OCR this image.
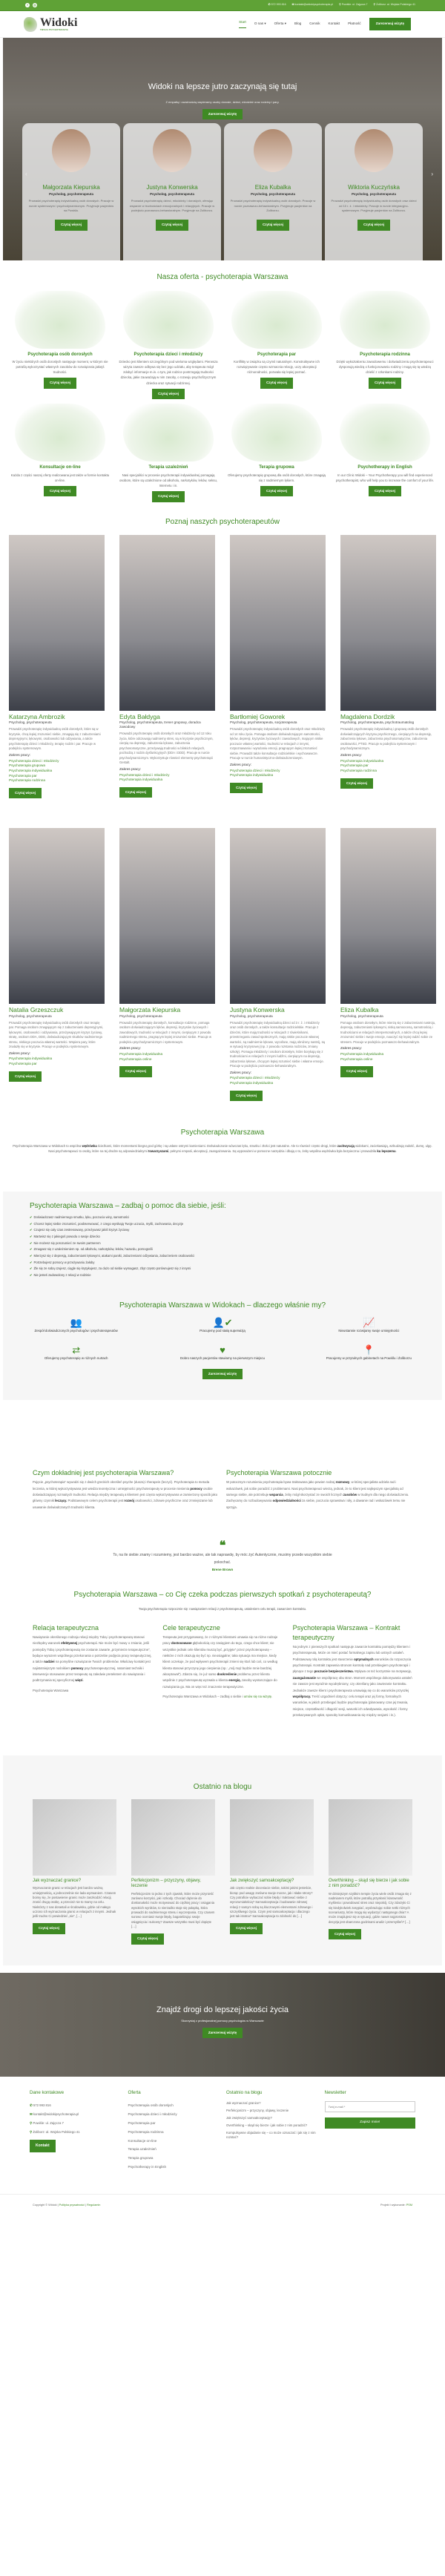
f	◎	✆572 993 816 ✉kontakt@widokipsychoterapia.pl ⚲Powiśle: ul. Zajęcza 7 ⚲Żoliborz: al. Wojska Polskiego 41
Widoki
TWOJA PSYCHOTERAPIA
Start O nas ▾ Oferta ▾ Blog Cennik Kontakt Płatność	Zarezerwuj wizytę
Widoki na lepsze jutro zaczynają się tutaj
Z empatią i uważnością wspieramy osoby dorosłe, dzieci, młodzież oraz rodziny i pary.
Zarezerwuj wizytę
›
Małgorzata Kiepurska
Psycholog, psychoterapeuta

Prowadzi psychoterapię indywidualną osób dorosłych. Pracuje w nurcie systemowym i psychodynamicznym. Przyjmuje pacjentów na Powiślu.

Czytaj więcej
Justyna Konwerska
Psycholog, psychoterapeuta

Prowadzi psychoterapię dzieci, młodzieży i dorosłych, oferując wsparcie w trudnościach emocjonalnych i relacyjnych. Pracuje w podejściu poznawczo-behawioralnym. Przyjmuje na Żoliborzu.

Czytaj więcej
Eliza Kubalka
Psycholog, psychoterapeuta

Prowadzi psychoterapię indywidualną osób dorosłych. Pracuje w nurcie poznawczo-behawioralnym. Przyjmuje pacjentów na Żoliborzu.

Czytaj więcej
Wiktoria Kuczyńska
Psycholog, psychoterapeuta

Prowadzi psychoterapię indywidualną osób dorosłych oraz dzieci od 10 r. ż. i młodzieży. Pracuje w nurcie integracyjno-systemowym. Przyjmuje pacjentów na Żoliborzu.

Czytaj więcej
Nasza oferta - psychoterapia Warszawa
Psychoterapia osób dorosłych

W życiu niektórych osób dorosłych następuje moment, w którym nie potrafią wykorzystać własnych zasobów do rozwiązania jakiejś trudności.

Czytaj więcej
Psychoterapia dzieci i młodzieży

Dziecko jest klientem szczególnym pod wieloma względami. Pierwsza wizyta zawsze odbywa się bez jego udziału, aby terapeuta mógł zdobyć informacje m.in. o tym, jak rodzice postrzegają trudności dziecka, jakie zauważają w nim zasoby, o rozwoju psychofizycznym dziecka oraz sytuacji rodzinnej.

Czytaj więcej
Psychoterapia par

Konflikty w związku są czymś naturalnym. Konstruktywne ich rozwiązywanie często wzmacnia relację, uczy akceptacji różnorodności, pozwala się lepiej poznać.

Czytaj więcej
Psychoterapia rodzinna

Dzięki wykształceniu zawodowemu i doświadczeniu psychoterapeuci dysponują wiedzą o funkcjonowaniu rodziny i mogą się tą wiedzą dzielić z członkami rodziny.

Czytaj więcej
Konsultacje on-line

Każda z części naszej oferty realizowana jest także w formie kontaktu on-line.

Czytaj więcej
Terapia uzależnień

Nasi specjaliści w procesie psychoterapii indywidualnej pomagają osobom, które są uzależnione od alkoholu, narkotyków, leków, seksu, Internetu i in.

Czytaj więcej
Terapia grupowa

Oferujemy psychoterapię grupową dla osób dorosłych, które zmagają się z nadmiernym lękiem.

Czytaj więcej
Psychotherapy in English

In our Clinic Widoki – Your Psychotherapy you will find experienced psychotherapist, who will help you to increase the comfort of your life.

Czytaj więcej
Poznaj naszych psychoterapeutów
Katarzyna Ambrozik
Psycholog, psychoterapeuta

Prowadzi psychoterapię indywidualną osób dorosłych, które są w kryzysie, chcą lepiej zrozumieć siebie, zmagają się z zaburzeniami depresyjnymi, lękowymi, osobowości lub odżywiania, a także psychoterapię dzieci i młodzieży, terapię rodzin i par. Pracuje w podejściu systemowym.

Zakres pracy:
Psychoterapia dzieci i młodzieży
Psychoterapia grupowa
Psychoterapia indywidualna
Psychoterapia par
Psychoterapia rodzinna
Czytaj więcej
Edyta Bałdyga
Psycholog, psychoterapeuta, trener grupowy, doradca zawodowy

Prowadzi psychoterapię osób dorosłych oraz młodzieży od 12 roku życia, które odczuwają nadmierny stres, są w kryzysie psychicznym, cierpią na depresję, zaburzenia lękowe, zaburzenia psychosomatyczne, przeżywają trudności w bliskich relacjach, pochodzą z rodzin dysfunkcyjnych (DDA i DDD). Pracuje w nurcie psychodynamicznym. Wykorzystuje również elementy psychoterapii Gestalt.

Zakres pracy:
Psychoterapia dzieci i młodzieży
Psychoterapia indywidualna
Czytaj więcej
Bartłomiej Goworek
Psycholog, psychoterapeuta, socjoterapeuta

Prowadzi psychoterapię indywidualną osób dorosłych oraz młodzieży od 14 roku życia. Pomaga osobom doświadczającym samotności, lęków, depresji, kryzysów życiowych i zawodowych, mającym niskie poczucie własnej wartości, trudności w relacjach z innymi, rozpoznawaniu i wyrażaniu emocji, pragnącym lepiej zrozumieć siebie. Prowadzi także konsultacje rodzicielskie i wychowawcze. Pracuje w nurcie humanistyczno-doświadczeniowym.

Zakres pracy:
Psychoterapia dzieci i młodzieży
Psychoterapia indywidualna
Czytaj więcej
Magdalena Dordzik
Psycholog, psychoterapeuta, psychotraumatolog

Prowadzi psychoterapię indywidualną i grupową osób dorosłych doświadczających kryzysu psychicznego, cierpiących na depresję, zaburzenia lękowe, zaburzenia psychosomatyczne, zaburzenia osobowości, PTSD. Pracuje w podejściu systemowym i psychodynamicznym.

Zakres pracy:
Psychoterapia indywidualna
Psychoterapia par
Psychoterapia rodzinna
Czytaj więcej
Natalia Grzeszczuk
Psycholog, psychoterapeuta

Prowadzi psychoterapię indywidualną osób dorosłych oraz terapię par. Pomaga osobom zmagającym się z zaburzeniami depresyjnymi, lękowymi, osobowości i odżywiania, przeżywającym kryzys życiowy, stratę, osobom DDA, DDD, doświadczającym skutków nadmiernego stresu, niskiego poczucia własnej wartości. Wspiera pary, które znalazły się w kryzysie. Pracuje w podejściu systemowym.

Zakres pracy:
Psychoterapia indywidualna
Psychoterapia par
Czytaj więcej
Małgorzata Kiepurska
Psycholog, psychoterapeuta

Prowadzi psychoterapię dorosłych, konsultacje rodzinne, pomaga osobom doświadczającym lęków, depresji, kryzysów życiowych i zawodowych, trudności w relacjach z innymi, cierpiącym z powodu nadmiernego stresu, pragnącym lepiej zrozumieć siebie. Pracuje w podejściu psychodynamicznym i systemowym.

Zakres pracy:
Psychoterapia indywidualna
Psychoterapia online
Czytaj więcej
Justyna Konwerska
Psycholog, psychoterapeuta

Prowadzi psychoterapię indywidualną dzieci od 3 r. ż. i młodzieży oraz osób dorosłych, a także konsultacje rodzicielskie. Pracuje z dziećmi, które mają trudności w relacjach z rówieśnikami, przestrzeganiu zasad społecznych, mają niskie poczucie własnej wartości, są nadmiernie lękowe, wycofane, mają obniżony nastrój, są w sytuacji kryzysowej (np. z powodu rozstania rodziców, zmiany szkoły). Pomaga młodzieży i osobom dorosłym, które borykają się z trudnościami w relacjach z innymi ludźmi, cierpiącym na depresję, zaburzenia lękowe, chcącym lepiej rozumieć siebie i własne emocje. Pracuje w podejściu poznawczo-behawioralnym.

Zakres pracy:
Psychoterapia dzieci i młodzieży
Psychoterapia indywidualna
Czytaj więcej
Eliza Kubalka
Psycholog, psychoterapeuta

Pomaga osobom dorosłym, które mierzą się z zaburzeniami nastroju, depresją, zaburzeniami lękowymi, niską samooceną, samotnością i trudnościami w relacjach interpersonalnych, a także chcą lepiej zrozumieć siebie i swoje emocje, nauczyć się lepiej radzić sobie ze stresem. Pracuje w podejściu poznawczo-behawioralnym.

Zakres pracy:
Psychoterapia indywidualna
Psychoterapia online
Czytaj więcej
Psychoterapia Warszawa

Psychoterapia Warszawa w Widokach to wspólna wędrówka ścieżkami, które momentami biegną pod górkę i są usłane ostrymi kamieniami. Doświadczanie wówczas lęku, smutku i złości jest naturalne. Ale to również często drogi, które zachwycają widokami, zaciekawiają, wzbudzają radość, dumę, ulgę. Nasi psychoterapeuci to osoby, które na tej drodze są odpowiedzialnymi towarzyszami, pełnymi empatii, akceptacji, zaangażowania. Są wyposażeni w pomocne narzędzia i dbają o to, żeby wspólna wędrówka była bezpieczna i prowadziła ku lepszemu.

Psychoterapia Warszawa – zadbaj o pomoc dla siebie, jeśli:
✔ Doświadczasz nadmiernego smutku, lęku, poczucia winy, samotności
✔ Chcesz lepiej siebie zrozumieć, poobserwować, z czego wynikają Twoje uczucia, myśli, zachowania, decyzje
✔ Czujesz się cały czas zestresowany, przeżywasz jakiś kryzys życiowy
✔ Martwisz się z jakiegoś powodu o swoje dziecko
✔ Nie możesz się porozumieć ze swoim partnerem
✔ Zmagasz się z uzależnieniem np. od alkoholu, narkotyków, leków, hazardu, pornografii
✔ Mierzysz się z depresją, zaburzeniami lękowymi, atakami paniki, zaburzeniami odżywiania, zaburzeniem osobowości
✔ Potrzebujesz pomocy w przeżywaniu żałoby
✔ Źle się ze sobą czujesz, ciągle się krytykujesz, za dużo od siebie wymagasz, zbyt często porównujesz się z innymi
✔ Nie jesteś zadowolony z relacji w rodzinie
Psychoterapia Warszawa w Widokach – dlaczego właśnie my?
👥
Zespół doświadczonych psychologów i psychoterapeutów
👤✔
Pracujemy pod stałą superwizją
📈
Nieustannie rozwijamy swoje umiejętności
⇄
Oferujemy psychoterapię w różnych nurtach
♥
Dobro naszych pacjentów stawiamy na pierwszym miejscu
📍
Pracujemy w przytulnych gabinetach na Powiślu i Żoliborzu
Zarezerwuj wizytę
Czym dokładniej jest psychoterapia Warszawa?

Pojęcie „psychoterapia” wywodzi się z dwóch greckich określeń psyche (dusza) i therapein (leczyć). Psychoterapia to metoda leczenia, w której wykorzystywana jest wiedza teoretyczna i umiejętności psychoterapeuty w procesie niesienia pomocy osobie doświadczającej rozmaitych trudności. Relacja między terapeutą a klientem jest często wykorzystywana w zamierzony sposób jako główny czynnik leczący. Podstawowym celem psychoterapii jest rozwój osobowości, zdrowie psychiczne oraz zmniejszanie lub usuwanie doświadczanych trudności klienta.

Psychoterapia Warszawa potocznie

W potocznym rozumieniu psychoterapia bywa traktowana jako pewien rodzaj rozmowy, w której specjalista udziela rad i wskazówek, jak sobie poradzić z problemami. Nasi psychoterapeuci wierzą, jednak, że to klient jest najlepszym specjalistą od samego siebie, ale potrzebuje wsparcia, żeby mógł skorzystać ze swoich licznych zasobów w trudnym dla niego doświadczeniu. Zachęcamy do rozbudowywania odpowiedzialności za siebie, poczucia sprawstwa i siły, a dawanie rad i wskazówek temu nie sprzyja.

❝

To, na ile siebie znamy i rozumiemy, jest bardzo ważne, ale tak naprawdę, by móc żyć Autentycznie, musimy przede wszystkim siebie pokochać.

Brene Brown
Psychoterapia Warszawa – co Cię czeka podczas pierwszych spotkań z psychoterapeutą?
Twoja psychoterapia rozpocznie się: nawiązaniem relacji z psychoterapeutą, ustaleniem celu terapii, zawarciem kontraktu.
Relacja terapeutyczna

Nawiązanie określonego rodzaju relacji między Tobą i psychoterapeutą stanowi niezbędny warunek efektywnej psychoterapii. Nie może być mowy o zmianie, jeśli pomiędzy Tobą i psychoterapeutą nie zostanie zawarte „przymierze terapeutyczne”, będące wyrazem wspólnego przekonania o potrzebie podjęcia pracy terapeutycznej, a także nadziei na pomyślne rozwiązanie Twoich problemów. Właściwy kontakt jest najistotniejszym nośnikiem pomocy psychoterapeutycznej, natomiast techniki i interwencje stosowane przez terapeutę są zaledwie pretekstem do nawiązania i podtrzymania tej specyficznej więzi.

Psychoterapia Warszawa

Cele terapeutyczne

Terapeuta jest przygotowany, że z różnymi klientami umawia się na różne rodzaje pracy dostosowane głębokością czy zasięgiem do tego, czego chce klient; nie wszystkie jednak cele klientów muszą być „przyjęte” przez psychoterapeutę – niektóre z nich okazują się być np. nieosiągalne; taka sytuacja ma miejsce, kiedy klient oczekuje, że pod wpływem psychoterapii zmieni się ktoś lub coś, co według klienta stanowi przyczynę jego cierpienia (np.: „mój mąż będzie mnie bardziej akceptował”). Zdarza się, że już samo dookreślenie problemu przez klienta wspólnie z psychoterapeutą wyzwala u klienta energię, zasoby wystarczające do rozwiązania go. Ma on więc też znaczenie terapeutyczne.

Psychoterapia Warszawa w Widokach – zadbaj o siebie i umów się na wizytę.

Psychoterapia Warszawa – Kontrakt terapeutyczny

Na jednym z pierwszych spotkań następuje zawarcie kontraktu pomiędzy klientem i psychoterapeutą. Może on mieć postać formalnego zapisu lub ustnych ustaleń. Podstawową rolą kontraktu jest stworzenie optymalnych warunków do rozpoczęcia psychoterapii. Kontrakt zapewnia stronom kontrolę nad przebiegiem psychoterapii i płynące z tego poczucie bezpieczeństwa. Wpływa on też korzystnie na motywację, zaangażowanie we współpracę obu stron. Moment wspólnego dokonywania ustaleń nie zawsze jest wyraźnie wyodrębniony, czy określany jako zawieranie kontraktu. Jednakże zawsze klient i psychoterapeuta umawiają się co do warunków przyszłej współpracy. Treść uzgodnień dotyczy: celu terapii oraz jej formy, formalnych warunków, w jakich przebiegać będzie psychoterapia (planowany czas jej trwania, miejsce, częstotliwość i długość sesji, warunki ich odwoływania, wysokość i formy przekazywanych opłat, sposoby komunikowania się między sesjami i in.).

Ostatnio na blogu
Jak wyznaczać granice?

Wyznaczanie granic w relacjach jest bardzo ważną umiejętnością, a jednocześnie nie lada wyzwaniem. Czasem boimy się, że postawienie granic może zaszkodzić relacji, zranić drugą osobę, a przecież nie to mamy na celu. Niektórzy z nas dorastali w środowisku, gdzie od małego uczono ich wyznaczania granic w relacjach z innymi. Jednak jeśli trudno Ci powiedzieć „nie”, […]

Czytaj więcej
Perfekcjonizm – przyczyny, objawy, leczenie

Perfekcjonizm to jedno z tych zjawisk, które może przynieść zarówno korzyści, jak i szkody. Chociaż dążenie do doskonałości może motywować do ciężkiej pracy i osiągania wysokich wyników, to nierzadko staje się pułapką, która prowadzi do nadmiernego stresu i wyczerpania. Czy czasem surowo oceniasz swoje błędy, bagatelizując swoje osiągnięcia i sukcesy? Zawsze wszystko musi być dopięte […]

Czytaj więcej
Jak zwiększyć samoakceptację?

Jak często realnie doceniacie siebie, takimi jakimi jesteście, biorąc pod uwagę zarówno swoje mocne, jak i słabe strony? Czy potraficie wybaczać sobie błędy i traktować siebie z wyrozumiałością? Samoakceptacja i budowanie zdrowej relacji z samym sobą są kluczowymi elementami zdrowego i szczęśliwego życia. Czym jest samoakceptacja i dlaczego jest tak istotna? Samoakceptacja to zdolność do […]

Czytaj więcej
Overthinking – skąd się bierze i jak sobie z nim poradzić?

W dzisiejszym szybkim tempie życia wiele osób zmaga się z nadmiarem myśli, które potrafią przysłonić klarowność myślenia i powodować stres oraz niepokój. Czy zdarzyło Ci się kiedykolwiek zasypiać, wyobrażając sobie setki różnych scenariuszy, które mogą się wydarzyć następnego dnia? A może znajdujesz się w sytuacji, gdzie nawet najprostsza decyzja jest obarczona godzinami analiz i przemyśleń? […]

Czytaj więcej
Znajdź drogi do lepszej jakości życia

Skorzystaj z profesjonalnej pomocy psychologów w Warszawie

Zarezerwuj wizytę
Dane kontakowe
✆ 572 993 816
✉ kontakt@widokipsychoterapia.pl
⚲ Powiśle: ul. Zajęcza 7
⚲ Żoliborz: al. Wojska Polskiego 41
Kontakt
Oferta
Psychoterapia osób dorosłych
Psychoterapia dzieci i młodzieży
Psychoterapia par
Psychoterapia rodzinna
Konsultacje on-line
Terapia uzależnień
Terapia grupowa
Psychotherapy in English
Ostatnio na blogu
Jak wyznaczać granice?
Perfekcjonizm – przyczyny, objawy, leczenie
Jak zwiększyć samoakceptację?
Overthinking – skąd się bierze i jak sobie z nim poradzić?
Kompulsywne objadanie się – co może oznaczać i jak się z nim rozstać?
Newsletter
Twój e-mail * Zapisz mnie!
Copyright © Widoki | Polityka prywatności | Regulamin	Projekt i wykonanie: PSM
